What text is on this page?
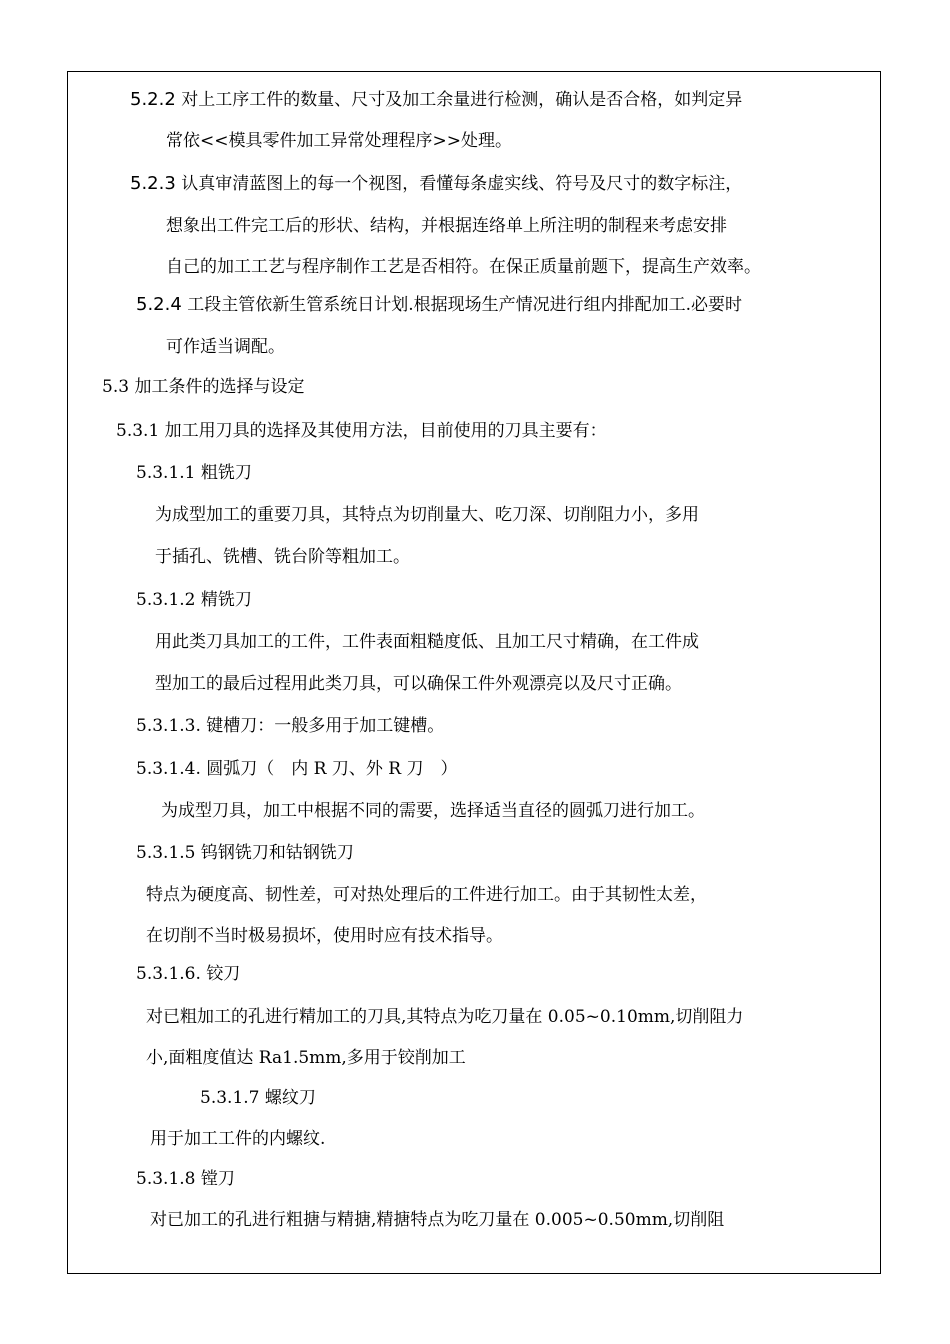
5.2.2 对上工序工件的数量、尺寸及加工余量进行检测，确认是否合格，如判定异
常依<<模具零件加工异常处理程序>>处理。
5.2.3 认真审清蓝图上的每一个视图，看懂每条虚实线、符号及尺寸的数字标注，
想象出工件完工后的形状、结构，并根据连络单上所注明的制程来考虑安排
自己的加工工艺与程序制作工艺是否相符。在保正质量前题下，提高生产效率。
5.2.4 工段主管依新生管系统日计划.根据现场生产情况进行组内排配加工.必要时
可作适当调配。
5.3 加工条件的选择与设定
5.3.1 加工用刀具的选择及其使用方法，目前使用的刀具主要有：
5.3.1.1 粗铣刀
为成型加工的重要刀具，其特点为切削量大、吃刀深、切削阻力小，多用
于插孔、铣槽、铣台阶等粗加工。
5.3.1.2 精铣刀
用此类刀具加工的工件，工件表面粗糙度低、且加工尺寸精确，在工件成
型加工的最后过程用此类刀具，可以确保工件外观漂亮以及尺寸正确。
5.3.1.3. 键槽刀：一般多用于加工键槽。
5.3.1.4. 圆弧刀（　内 R 刀、外 R 刀　）
为成型刀具，加工中根据不同的需要，选择适当直径的圆弧刀进行加工。
5.3.1.5 钨钢铣刀和钴钢铣刀
特点为硬度高、韧性差，可对热处理后的工件进行加工。由于其韧性太差，
在切削不当时极易损坏，使用时应有技术指导。
5.3.1.6. 铰刀
对已粗加工的孔进行精加工的刀具,其特点为吃刀量在 0.05~0.10mm,切削阻力
小,面粗度值达 Ra1.5mm,多用于铰削加工
5.3.1.7 螺纹刀
用于加工工件的内螺纹.
5.3.1.8 镗刀
对已加工的孔进行粗搪与精搪,精搪特点为吃刀量在 0.005~0.50mm,切削阻
